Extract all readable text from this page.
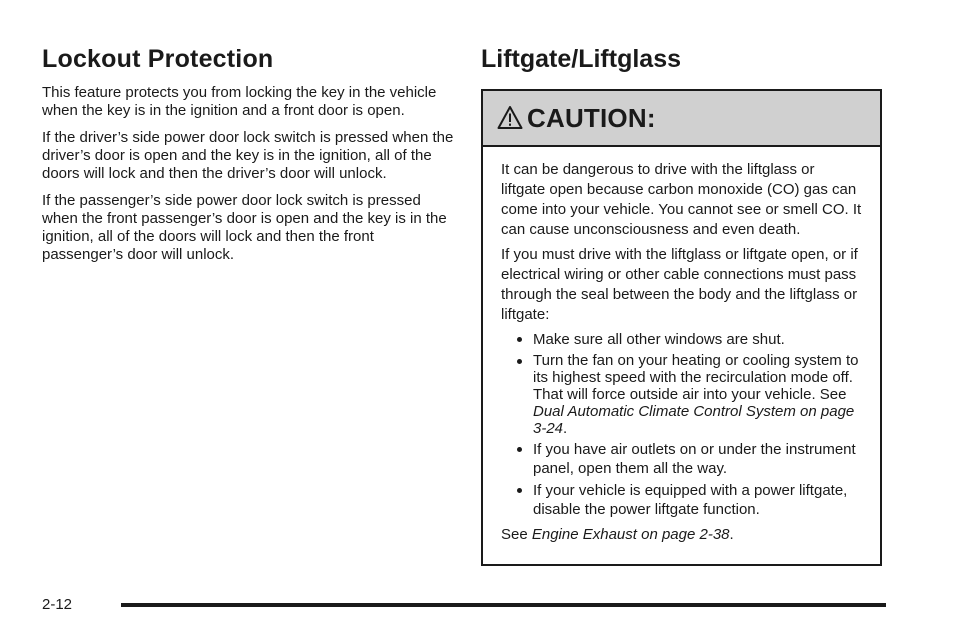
Lockout Protection

This feature protects you from locking the key in the vehicle when the key is in the ignition and a front door is open.

If the driver’s side power door lock switch is pressed when the driver’s door is open and the key is in the ignition, all of the doors will lock and then the driver’s door will unlock.

If the passenger’s side power door lock switch is pressed when the front passenger’s door is open and the key is in the ignition, all of the doors will lock and then the front passenger’s door will unlock.

Liftgate/Liftglass
CAUTION:

It can be dangerous to drive with the liftglass or liftgate open because carbon monoxide (CO) gas can come into your vehicle. You cannot see or smell CO. It can cause unconsciousness and even death.

If you must drive with the liftglass or liftgate open, or if electrical wiring or other cable connections must pass through the seal between the body and the liftglass or liftgate:

Make sure all other windows are shut.
Turn the fan on your heating or cooling system to its highest speed with the recirculation mode off. That will force outside air into your vehicle. See Dual Automatic Climate Control System on page 3-24.
If you have air outlets on or under the instrument panel, open them all the way.
If your vehicle is equipped with a power liftgate, disable the power liftgate function.

See Engine Exhaust on page 2-38.

2-12
